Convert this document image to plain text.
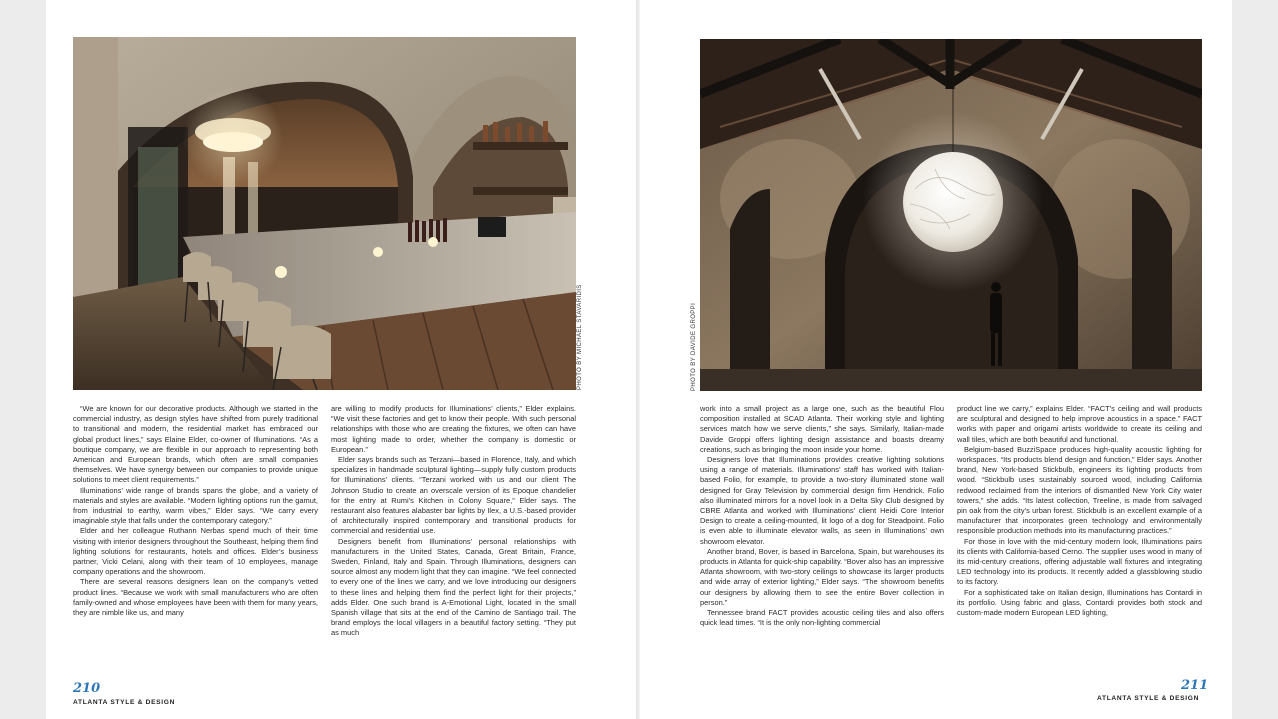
PHOTO BY MICHAEL STAVARIDIS	PHOTO BY DAVIDE GROPPI

“We are known for our decorative products. Although we started in the commercial industry, as design styles have shifted from purely traditional to transitional and modern, the residential market has embraced our global product lines,” says Elaine Elder, co-owner of Illuminations. “As a boutique company, we are flexible in our approach to representing both American and European brands, which often are small companies themselves. We have synergy between our companies to provide unique solutions to meet client requirements.”

Illuminations’ wide range of brands spans the globe, and a variety of materials and styles are available. “Modern lighting options run the gamut, from industrial to earthy, warm vibes,” Elder says. “We carry every imaginable style that falls under the contemporary category.”

Elder and her colleague Ruthann Nerbas spend much of their time visiting with interior designers throughout the Southeast, helping them find lighting solutions for restaurants, hotels and offices. Elder’s business partner, Vicki Celani, along with their team of 10 employees, manage company operations and the showroom.

There are several reasons designers lean on the company’s vetted product lines. “Because we work with small manufacturers who are often family-owned and whose employees have been with them for many years, they are nimble like us, and many

are willing to modify products for Illuminations’ clients,” Elder explains. “We visit these factories and get to know their people. With such personal relationships with those who are creating the fixtures, we often can have most lighting made to order, whether the company is domestic or European.”

Elder says brands such as Terzani—based in Florence, Italy, and which specializes in handmade sculptural lighting—supply fully custom products for Illuminations’ clients. “Terzani worked with us and our client The Johnson Studio to create an overscale version of its Epoque chandelier for the entry at Rumi’s Kitchen in Colony Square,” Elder says. The restaurant also features alabaster bar lights by Ilex, a U.S.-based provider of architecturally inspired contemporary and transitional products for commercial and residential use.

Designers benefit from Illuminations’ personal relationships with manufacturers in the United States, Canada, Great Britain, France, Sweden, Finland, Italy and Spain. Through Illuminations, designers can source almost any modern light that they can imagine. “We feel connected to every one of the lines we carry, and we love introducing our designers to these lines and helping them find the perfect light for their projects,” adds Elder. One such brand is A-Emotional Light, located in the small Spanish village that sits at the end of the Camino de Santiago trail. The brand employs the local villagers in a beautiful factory setting. “They put as much

work into a small project as a large one, such as the beautiful Flou composition installed at SCAD Atlanta. Their working style and lighting services match how we serve clients,” she says. Similarly, Italian-made Davide Groppi offers lighting design assistance and boasts dreamy creations, such as bringing the moon inside your home.

Designers love that Illuminations provides creative lighting solutions using a range of materials. Illuminations’ staff has worked with Italian-based Folio, for example, to provide a two-story illuminated stone wall designed for Gray Television by commercial design firm Hendrick. Folio also illuminated mirrors for a novel look in a Delta Sky Club designed by CBRE Atlanta and worked with Illuminations’ client Heidi Core Interior Design to create a ceiling-mounted, lit logo of a dog for Steadpoint. Folio is even able to illuminate elevator walls, as seen in Illuminations’ own showroom elevator.

Another brand, Bover, is based in Barcelona, Spain, but warehouses its products in Atlanta for quick-ship capability. “Bover also has an impressive Atlanta showroom, with two-story ceilings to showcase its larger products and wide array of exterior lighting,” Elder says. “The showroom benefits our designers by allowing them to see the entire Bover collection in person.”

Tennessee brand FACT provides acoustic ceiling tiles and also offers quick lead times. “It is the only non-lighting commercial

product line we carry,” explains Elder. “FACT’s ceiling and wall products are sculptural and designed to help improve acoustics in a space.” FACT works with paper and origami artists worldwide to create its ceiling and wall tiles, which are both beautiful and functional.

Belgium-based BuzziSpace produces high-quality acoustic lighting for workspaces. “Its products blend design and function,” Elder says. Another brand, New York-based Stickbulb, engineers its lighting products from wood. “Stickbulb uses sustainably sourced wood, including California redwood reclaimed from the interiors of dismantled New York City water towers,” she adds. “Its latest collection, Treeline, is made from salvaged pin oak from the city’s urban forest. Stickbulb is an excellent example of a manufacturer that incorporates green technology and environmentally responsible production methods into its manufacturing practices.”

For those in love with the mid-century modern look, Illuminations pairs its clients with California-based Cerno. The supplier uses wood in many of its mid-century creations, offering adjustable wall fixtures and integrating LED technology into its products. It recently added a glassblowing studio to its factory.

For a sophisticated take on Italian design, Illuminations has Contardi in its portfolio. Using fabric and glass, Contardi provides both stock and custom-made modern European LED lighting,

210
ATLANTA STYLE & DESIGN
211
ATLANTA STYLE & DESIGN
